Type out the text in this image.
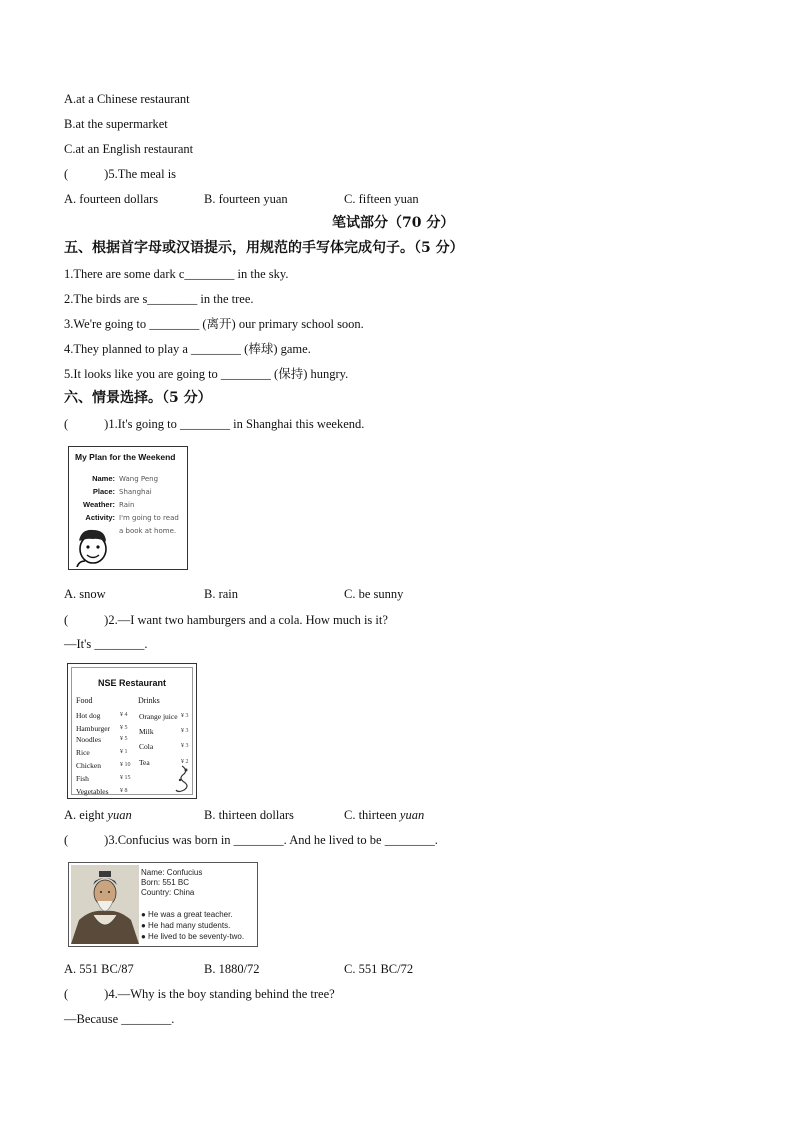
A.at a Chinese restaurant
B.at the supermarket
C.at an English restaurant
(	)5.The meal is
A. fourteen dollars	B. fourteen yuan	C. fifteen yuan
笔试部分（70 分）
五、根据首字母或汉语提示，用规范的手写体完成句子。（5 分）
1.There are some dark c________ in the sky.
2.The birds are s________ in the tree.
3.We're going to ________ (离开) our primary school soon.
4.They planned to play a ________ (棒球) game.
5.It looks like you are going to ________ (保持) hungry.
六、情景选择。（5 分）
(	)1.It's going to ________ in Shanghai this weekend.
My Plan for the Weekend
Name: Wang Peng
Place: Shanghai
Weather: Rain
Activity: I'm going to read
a book at home.
A. snow	B. rain	C. be sunny
(	)2.—I want two hamburgers and a cola. How much is it?
—It's ________.
NSE Restaurant
Food	Drinks
Hot dog	¥ 4
Hamburger ¥ 5
Noodles	¥ 5
Rice	¥ 1
Chicken	¥ 10
Fish	¥ 15
Vegetables ¥ 8
Orange juice ¥ 3
Milk	¥ 3
Cola	¥ 3
Tea	¥ 2
A. eight yuan	B. thirteen dollars	C. thirteen yuan
(	)3.Confucius was born in ________. And he lived to be ________.
Name: Confucius
Born: 551 BC
Country: China
● He was a great teacher.
● He had many students.
● He lived to be seventy-two.
A. 551 BC/87	B. 1880/72	C. 551 BC/72
(	)4.—Why is the boy standing behind the tree?
—Because ________.
